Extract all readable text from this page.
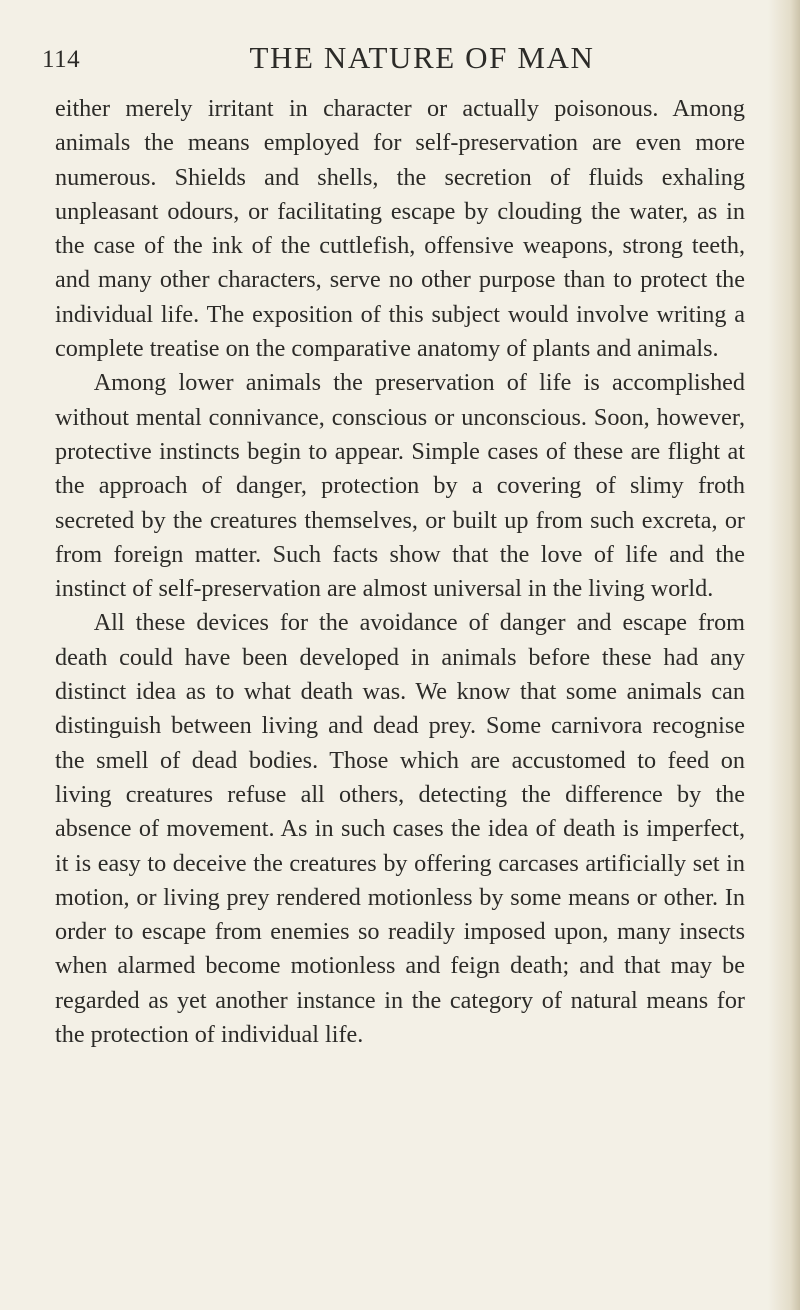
114	THE NATURE OF MAN

either merely irritant in character or actually poisonous. Among animals the means employed for self-preservation are even more numerous. Shields and shells, the secretion of fluids exhaling unpleasant odours, or facilitating escape by clouding the water, as in the case of the ink of the cuttlefish, offensive weapons, strong teeth, and many other characters, serve no other purpose than to protect the individual life. The exposition of this subject would involve writing a complete treatise on the comparative anatomy of plants and animals.

Among lower animals the preservation of life is accomplished without mental connivance, conscious or unconscious. Soon, however, protective instincts begin to appear. Simple cases of these are flight at the approach of danger, protection by a covering of slimy froth secreted by the creatures themselves, or built up from such excreta, or from foreign matter. Such facts show that the love of life and the instinct of self-preservation are almost universal in the living world.

All these devices for the avoidance of danger and escape from death could have been developed in animals before these had any distinct idea as to what death was. We know that some animals can distinguish between living and dead prey. Some carnivora recognise the smell of dead bodies. Those which are accustomed to feed on living creatures refuse all others, detecting the difference by the absence of movement. As in such cases the idea of death is imperfect, it is easy to deceive the creatures by offering carcases artificially set in motion, or living prey rendered motionless by some means or other. In order to escape from enemies so readily imposed upon, many insects when alarmed become motionless and feign death; and that may be regarded as yet another instance in the category of natural means for the protection of individual life.
